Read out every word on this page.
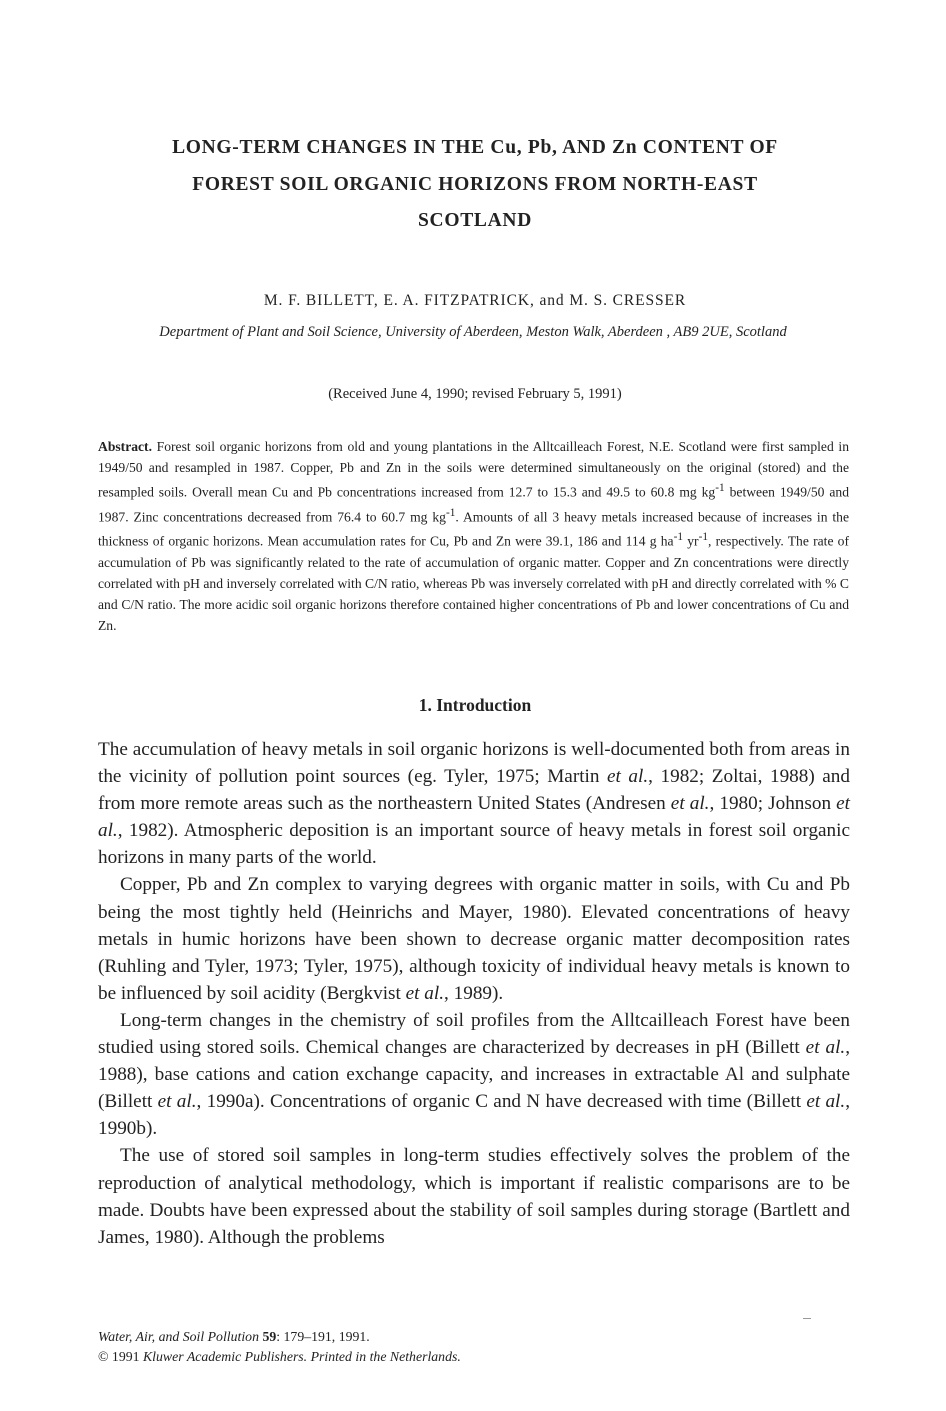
LONG-TERM CHANGES IN THE Cu, Pb, AND Zn CONTENT OF
FOREST SOIL ORGANIC HORIZONS FROM NORTH-EAST
SCOTLAND
M. F. BILLETT, E. A. FITZPATRICK, and M. S. CRESSER
Department of Plant and Soil Science, University of Aberdeen, Meston Walk, Aberdeen , AB9 2UE, Scotland
(Received June 4, 1990; revised February 5, 1991)

Abstract. Forest soil organic horizons from old and young plantations in the Alltcailleach Forest, N.E. Scotland were first sampled in 1949/50 and resampled in 1987. Copper, Pb and Zn in the soils were determined simultaneously on the original (stored) and the resampled soils. Overall mean Cu and Pb concentrations increased from 12.7 to 15.3 and 49.5 to 60.8 mg $kg^{-1}$ between 1949/50 and 1987. Zinc concentrations decreased from 76.4 to 60.7 mg $kg^{-1}$. Amounts of all 3 heavy metals increased because of increases in the thickness of organic horizons. Mean accumulation rates for Cu, Pb and Zn were 39.1, 186 and 114 g $ha^{-1}$ $yr^{-1}$, respectively. The rate of accumulation of Pb was significantly related to the rate of accumulation of organic matter. Copper and Zn concentrations were directly correlated with pH and inversely correlated with C/N ratio, whereas Pb was inversely correlated with pH and directly correlated with % C and C/N ratio. The more acidic soil organic horizons therefore contained higher concentrations of Pb and lower concentrations of Cu and Zn.

1. Introduction

The accumulation of heavy metals in soil organic horizons is well-documented both from areas in the vicinity of pollution point sources (eg. Tyler, 1975; Martin et al., 1982; Zoltai, 1988) and from more remote areas such as the northeastern United States (Andresen et al., 1980; Johnson et al., 1982). Atmospheric deposition is an important source of heavy metals in forest soil organic horizons in many parts of the world.

Copper, Pb and Zn complex to varying degrees with organic matter in soils, with Cu and Pb being the most tightly held (Heinrichs and Mayer, 1980). Elevated concentrations of heavy metals in humic horizons have been shown to decrease organic matter decomposition rates (Ruhling and Tyler, 1973; Tyler, 1975), although toxicity of individual heavy metals is known to be influenced by soil acidity (Bergkvist et al., 1989).

Long-term changes in the chemistry of soil profiles from the Alltcailleach Forest have been studied using stored soils. Chemical changes are characterized by decreases in pH (Billett et al., 1988), base cations and cation exchange capacity, and increases in extractable Al and sulphate (Billett et al., 1990a). Concentrations of organic C and N have decreased with time (Billett et al., 1990b).

The use of stored soil samples in long-term studies effectively solves the problem of the reproduction of analytical methodology, which is important if realistic comparisons are to be made. Doubts have been expressed about the stability of soil samples during storage (Bartlett and James, 1980). Although the problems

Water, Air, and Soil Pollution 59: 179–191, 1991.
© 1991 Kluwer Academic Publishers. Printed in the Netherlands.
